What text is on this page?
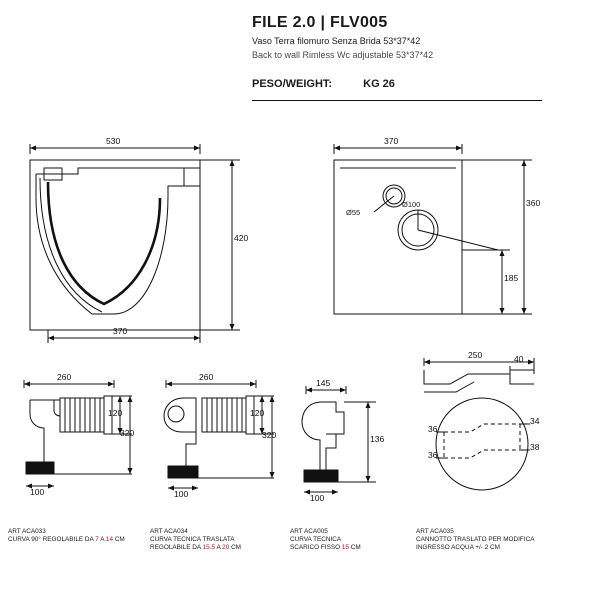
FILE 2.0 | FLV005
Vaso Terra filomuro Senza Brida 53*37*42
Back to wall Rimless Wc adjustable 53*37*42
PESO/WEIGHT:	KG 26
530
370
420
370
360
185
Ø55
Ø100
260
120
320
100
ART ACA033
CURVA 90° REGOLABILE DA 7 A 14 CM
260
120
320
100
ART ACA034
CURVA TECNICA TRASLATA
REGOLABILE DA 15.5 A 20 CM
145
136
100
ART ACA005
CURVA TECNICA
SCARICO FISSO 15 CM
250	40
36
36
34
38
ART ACA035
CANNOTTO TRASLATO PER MODIFICA
INGRESSO ACQUA +/- 2 CM
